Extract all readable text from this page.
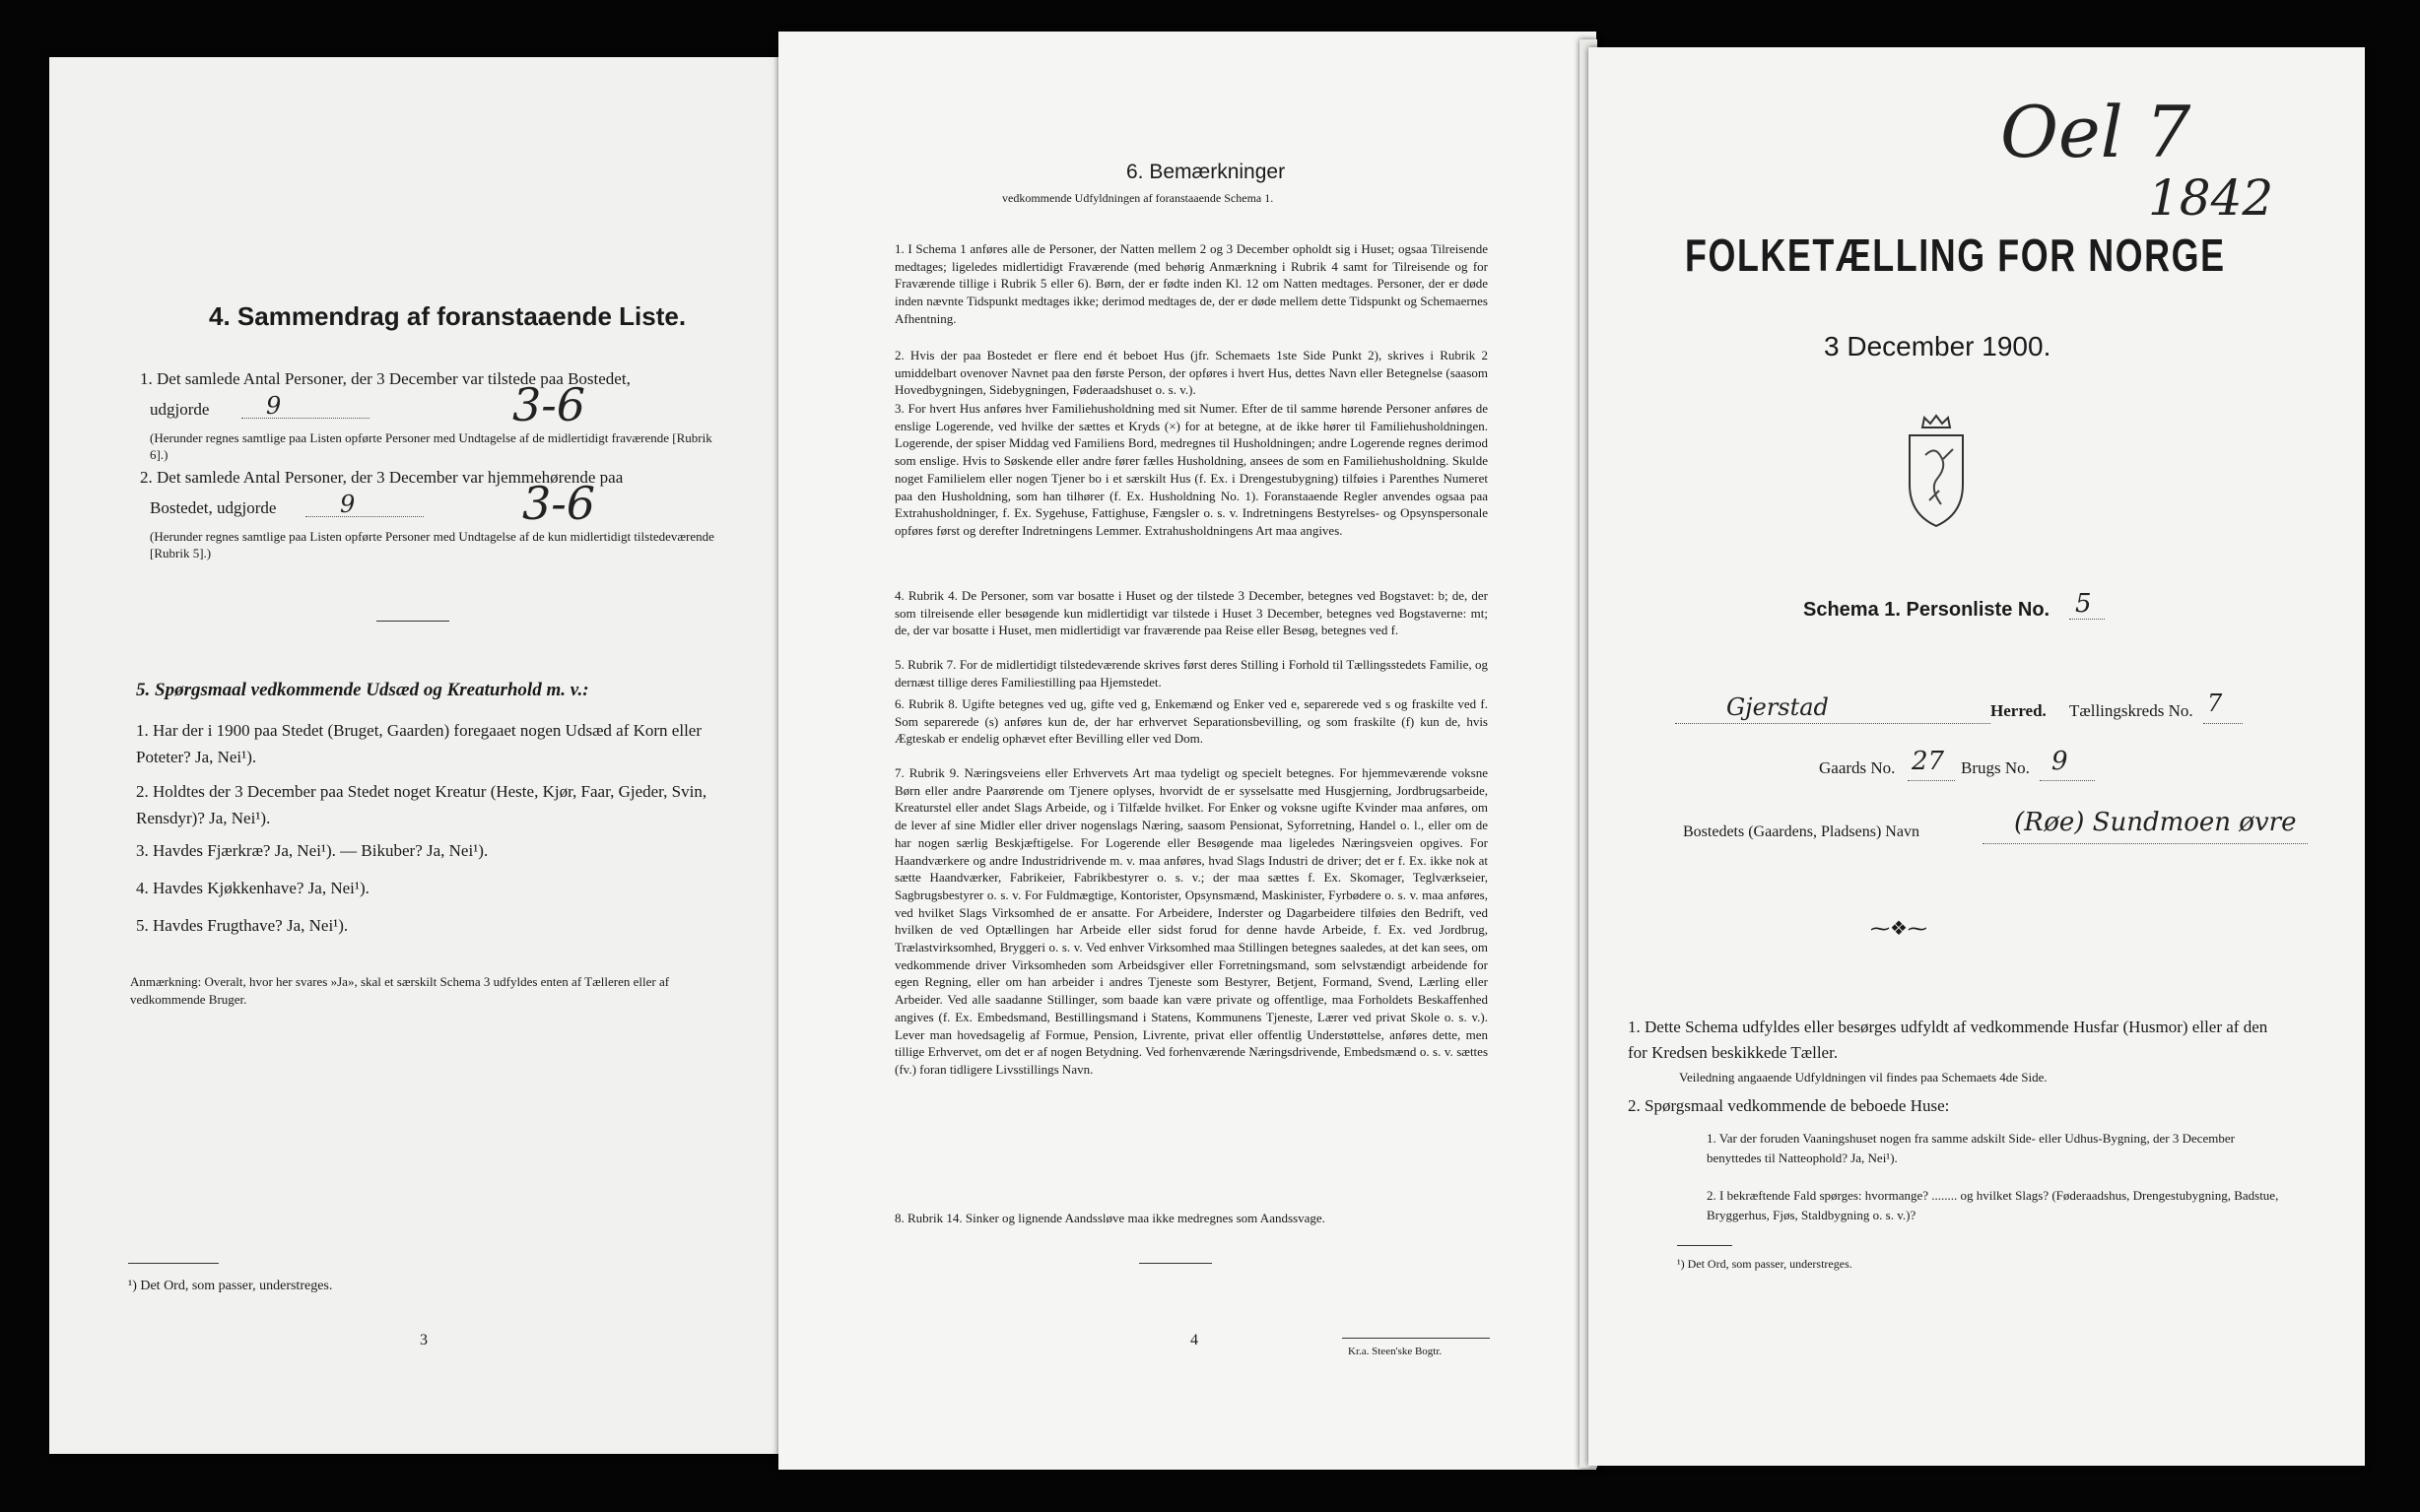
4. Sammendrag af foranstaaende Liste.
1. Det samlede Antal Personer, der 3 December var tilstede paa Bostedet,
udgjorde 9	3-6
(Herunder regnes samtlige paa Listen opførte Personer med Undtagelse af de midlertidigt fraværende [Rubrik 6].)
2. Det samlede Antal Personer, der 3 December var hjemmehørende paa
Bostedet, udgjorde	9	3-6
(Herunder regnes samtlige paa Listen opførte Personer med Undtagelse af de kun midlertidigt tilstedeværende [Rubrik 5].)
5. Spørgsmaal vedkommende Udsæd og Kreaturhold m. v.:
1. Har der i 1900 paa Stedet (Bruget, Gaarden) foregaaet nogen Udsæd af Korn eller Poteter? Ja, Nei¹).
2. Holdtes der 3 December paa Stedet noget Kreatur (Heste, Kjør, Faar, Gjeder, Svin, Rensdyr)? Ja, Nei¹).
3. Havdes Fjærkræ? Ja, Nei¹). — Bikuber? Ja, Nei¹).
4. Havdes Kjøkkenhave? Ja, Nei¹).
5. Havdes Frugthave? Ja, Nei¹).
Anmærkning: Overalt, hvor her svares »Ja», skal et særskilt Schema 3 udfyldes enten af Tælleren eller af vedkommende Bruger.
¹) Det Ord, som passer, understreges.
3
6. Bemærkninger
vedkommende Udfyldningen af foranstaaende Schema 1.
1. I Schema 1 anføres alle de Personer, der Natten mellem 2 og 3 December opholdt sig i Huset; ogsaa Tilreisende medtages; ligeledes midlertidigt Fraværende (med behørig Anmærkning i Rubrik 4 samt for Tilreisende og for Fraværende tillige i Rubrik 5 eller 6). Børn, der er fødte inden Kl. 12 om Natten medtages. Personer, der er døde inden nævnte Tidspunkt medtages ikke; derimod medtages de, der er døde mellem dette Tidspunkt og Schemaernes Afhentning.
2. Hvis der paa Bostedet er flere end ét beboet Hus (jfr. Schemaets 1ste Side Punkt 2), skrives i Rubrik 2 umiddelbart ovenover Navnet paa den første Person, der opføres i hvert Hus, dettes Navn eller Betegnelse (saasom Hovedbygningen, Sidebygningen, Føderaadshuset o. s. v.).
3. For hvert Hus anføres hver Familiehusholdning med sit Numer. Efter de til samme hørende Personer anføres de enslige Logerende, ved hvilke der sættes et Kryds (×) for at betegne, at de ikke hører til Familiehusholdningen. Logerende, der spiser Middag ved Familiens Bord, medregnes til Husholdningen; andre Logerende regnes derimod som enslige. Hvis to Søskende eller andre fører fælles Husholdning, ansees de som en Familiehusholdning. Skulde noget Familielem eller nogen Tjener bo i et særskilt Hus (f. Ex. i Drengestubygning) tilføies i Parenthes Numeret paa den Husholdning, som han tilhører (f. Ex. Husholdning No. 1). Foranstaaende Regler anvendes ogsaa paa Extrahusholdninger, f. Ex. Sygehuse, Fattighuse, Fængsler o. s. v. Indretningens Bestyrelses- og Opsynspersonale opføres først og derefter Indretningens Lemmer. Extrahusholdningens Art maa angives.
4. Rubrik 4. De Personer, som var bosatte i Huset og der tilstede 3 December, betegnes ved Bogstavet: b; de, der som tilreisende eller besøgende kun midlertidigt var tilstede i Huset 3 December, betegnes ved Bogstaverne: mt; de, der var bosatte i Huset, men midlertidigt var fraværende paa Reise eller Besøg, betegnes ved f.
5. Rubrik 7. For de midlertidigt tilstedeværende skrives først deres Stilling i Forhold til Tællingsstedets Familie, og dernæst tillige deres Familiestilling paa Hjemstedet.
6. Rubrik 8. Ugifte betegnes ved ug, gifte ved g, Enkemænd og Enker ved e, separerede ved s og fraskilte ved f. Som separerede (s) anføres kun de, der har erhvervet Separationsbevilling, og som fraskilte (f) kun de, hvis Ægteskab er endelig ophævet efter Bevilling eller ved Dom.
7. Rubrik 9. Næringsveiens eller Erhvervets Art maa tydeligt og specielt betegnes. For hjemmeværende voksne Børn eller andre Paarørende om Tjenere oplyses, hvorvidt de er sysselsatte med Husgjerning, Jordbrugsarbeide, Kreaturstel eller andet Slags Arbeide, og i Tilfælde hvilket. For Enker og voksne ugifte Kvinder maa anføres, om de lever af sine Midler eller driver nogenslags Næring, saasom Pensionat, Syforretning, Handel o. l., eller om de har nogen særlig Beskjæftigelse. For Logerende eller Besøgende maa ligeledes Næringsveien opgives. For Haandværkere og andre Industridrivende m. v. maa anføres, hvad Slags Industri de driver; det er f. Ex. ikke nok at sætte Haandværker, Fabrikeier, Fabrikbestyrer o. s. v.; der maa sættes f. Ex. Skomager, Teglværkseier, Sagbrugsbestyrer o. s. v. For Fuldmægtige, Kontorister, Opsynsmænd, Maskinister, Fyrbødere o. s. v. maa anføres, ved hvilket Slags Virksomhed de er ansatte. For Arbeidere, Inderster og Dagarbeidere tilføies den Bedrift, ved hvilken de ved Optællingen har Arbeide eller sidst forud for denne havde Arbeide, f. Ex. ved Jordbrug, Trælastvirksomhed, Bryggeri o. s. v. Ved enhver Virksomhed maa Stillingen betegnes saaledes, at det kan sees, om vedkommende driver Virksomheden som Arbeidsgiver eller Forretningsmand, som selvstændigt arbeidende for egen Regning, eller om han arbeider i andres Tjeneste som Bestyrer, Betjent, Formand, Svend, Lærling eller Arbeider. Ved alle saadanne Stillinger, som baade kan være private og offentlige, maa Forholdets Beskaffenhed angives (f. Ex. Embedsmand, Bestillingsmand i Statens, Kommunens Tjeneste, Lærer ved privat Skole o. s. v.). Lever man hovedsagelig af Formue, Pension, Livrente, privat eller offentlig Understøttelse, anføres dette, men tillige Erhvervet, om det er af nogen Betydning. Ved forhenværende Næringsdrivende, Embedsmænd o. s. v. sættes (fv.) foran tidligere Livsstillings Navn.
8. Rubrik 14. Sinker og lignende Aandssløve maa ikke medregnes som Aandssvage.
4
Kr.a. Steen'ske Bogtr.
Oel 7
1842
FOLKETÆLLING FOR NORGE
3 December 1900.
Schema 1. Personliste No. 5
Gjerstad	Herred. Tællingskreds No. 7
Gaards No. 27 Brugs No. 9
Bostedets (Gaardens, Pladsens) Navn	(Røe) Sundmoen øvre
⁓❖⁓
1. Dette Schema udfyldes eller besørges udfyldt af vedkommende Husfar (Husmor) eller af den for Kredsen beskikkede Tæller.
Veiledning angaaende Udfyldningen vil findes paa Schemaets 4de Side.
2. Spørgsmaal vedkommende de beboede Huse:
1. Var der foruden Vaaningshuset nogen fra samme adskilt Side- eller Udhus-Bygning, der 3 December benyttedes til Natteophold? Ja, Nei¹).
2. I bekræftende Fald spørges: hvormange? ........ og hvilket Slags? (Føderaadshus, Drengestubygning, Badstue, Bryggerhus, Fjøs, Staldbygning o. s. v.)?
¹) Det Ord, som passer, understreges.
